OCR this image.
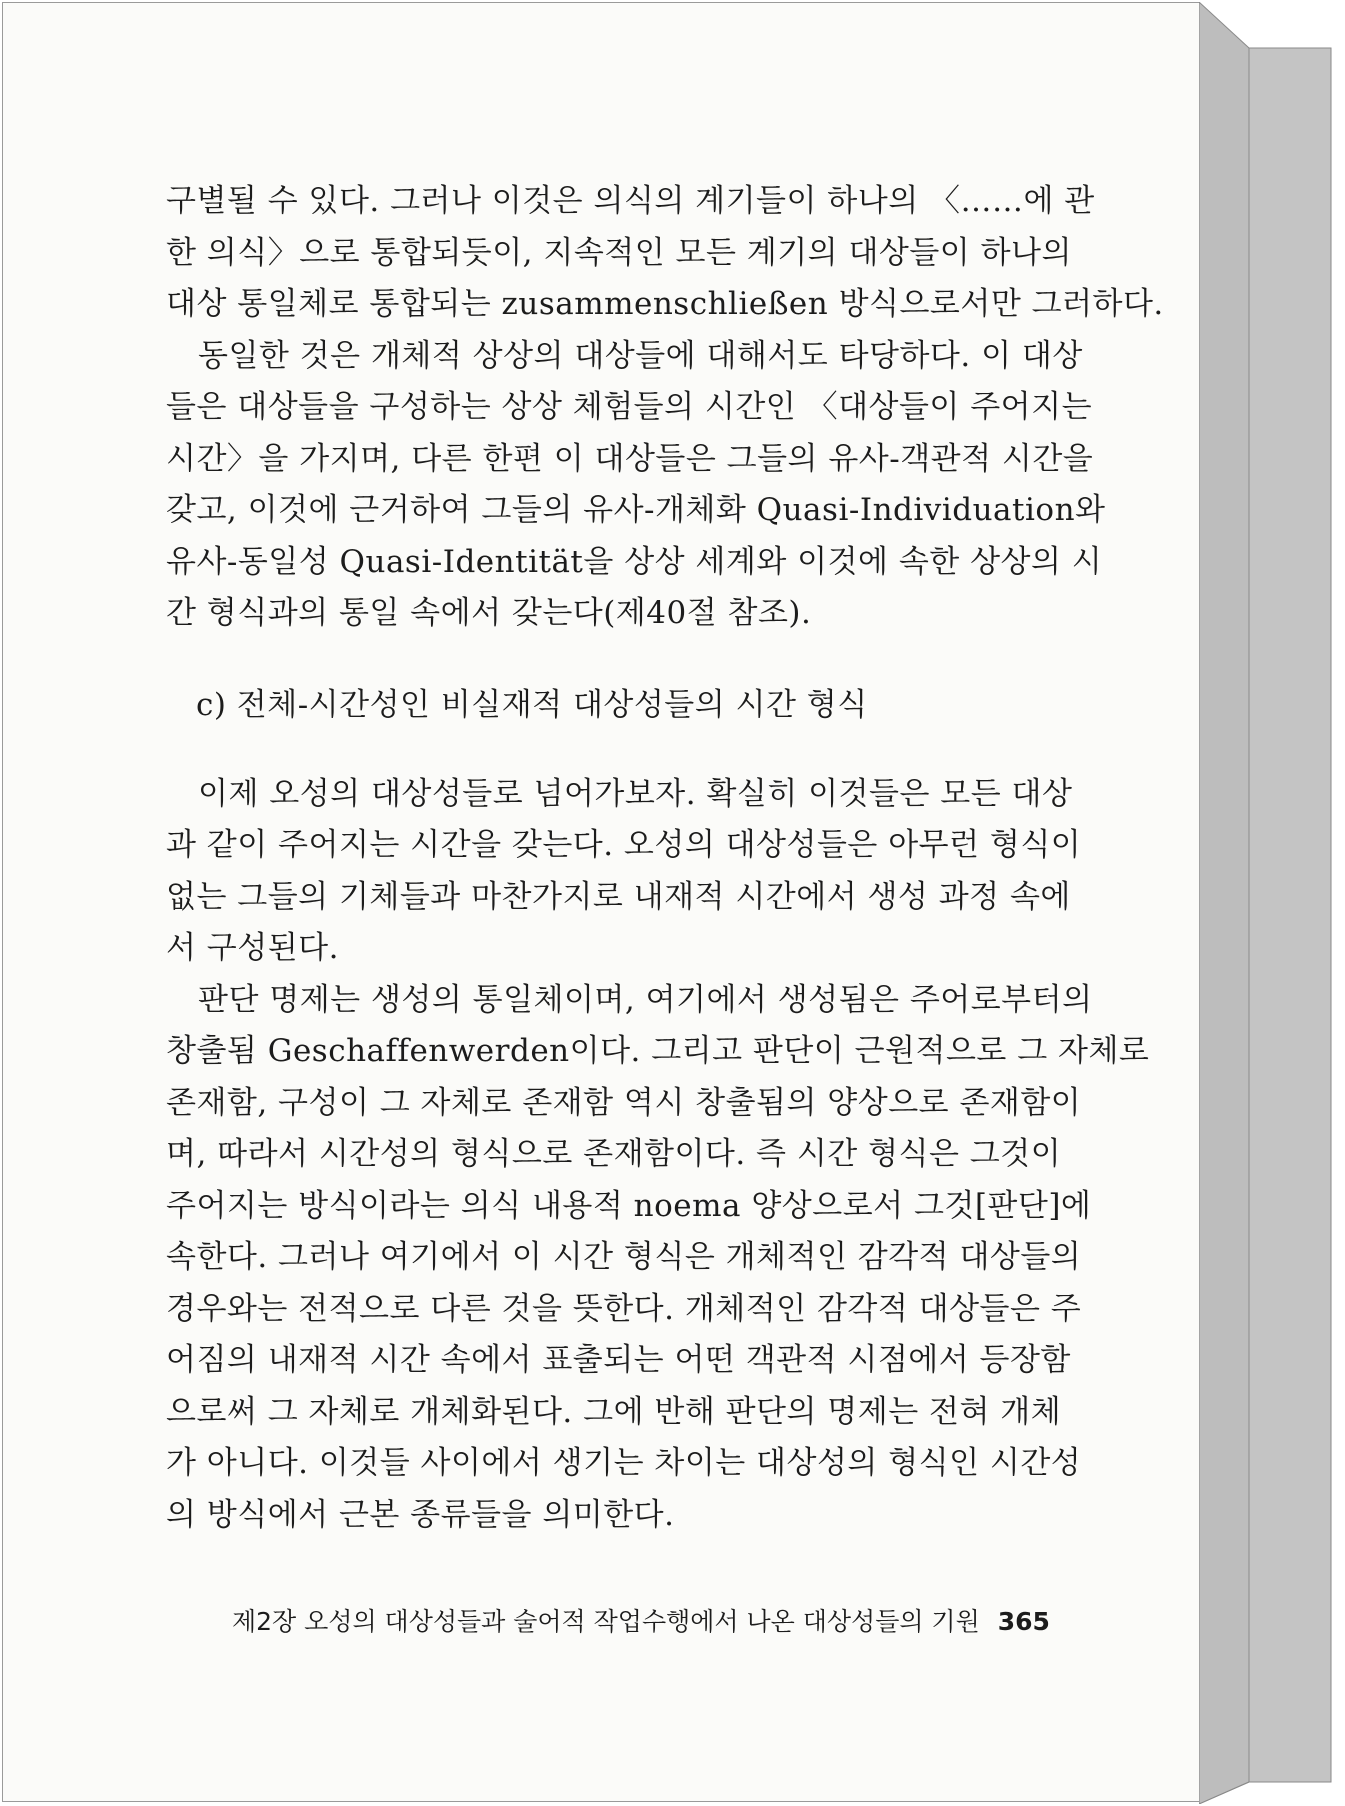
구별될 수 있다. 그러나 이것은 의식의 계기들이 하나의 〈……에 관
한 의식〉으로 통합되듯이, 지속적인 모든 계기의 대상들이 하나의
대상 통일체로 통합되는 zusammenschließen 방식으로서만 그러하다.
동일한 것은 개체적 상상의 대상들에 대해서도 타당하다. 이 대상
들은 대상들을 구성하는 상상 체험들의 시간인 〈대상들이 주어지는
시간〉을 가지며, 다른 한편 이 대상들은 그들의 유사-객관적 시간을
갖고, 이것에 근거하여 그들의 유사-개체화 Quasi-Individuation와
유사-동일성 Quasi-Identität을 상상 세계와 이것에 속한 상상의 시
간 형식과의 통일 속에서 갖는다(제40절 참조).
c) 전체-시간성인 비실재적 대상성들의 시간 형식
이제 오성의 대상성들로 넘어가보자. 확실히 이것들은 모든 대상
과 같이 주어지는 시간을 갖는다. 오성의 대상성들은 아무런 형식이
없는 그들의 기체들과 마찬가지로 내재적 시간에서 생성 과정 속에
서 구성된다.
판단 명제는 생성의 통일체이며, 여기에서 생성됨은 주어로부터의
창출됨 Geschaffenwerden이다. 그리고 판단이 근원적으로 그 자체로
존재함, 구성이 그 자체로 존재함 역시 창출됨의 양상으로 존재함이
며, 따라서 시간성의 형식으로 존재함이다. 즉 시간 형식은 그것이
주어지는 방식이라는 의식 내용적 noema 양상으로서 그것[판단]에
속한다. 그러나 여기에서 이 시간 형식은 개체적인 감각적 대상들의
경우와는 전적으로 다른 것을 뜻한다. 개체적인 감각적 대상들은 주
어짐의 내재적 시간 속에서 표출되는 어떤 객관적 시점에서 등장함
으로써 그 자체로 개체화된다. 그에 반해 판단의 명제는 전혀 개체
가 아니다. 이것들 사이에서 생기는 차이는 대상성의 형식인 시간성
의 방식에서 근본 종류들을 의미한다.
제2장 오성의 대상성들과 술어적 작업수행에서 나온 대상성들의 기원 365
